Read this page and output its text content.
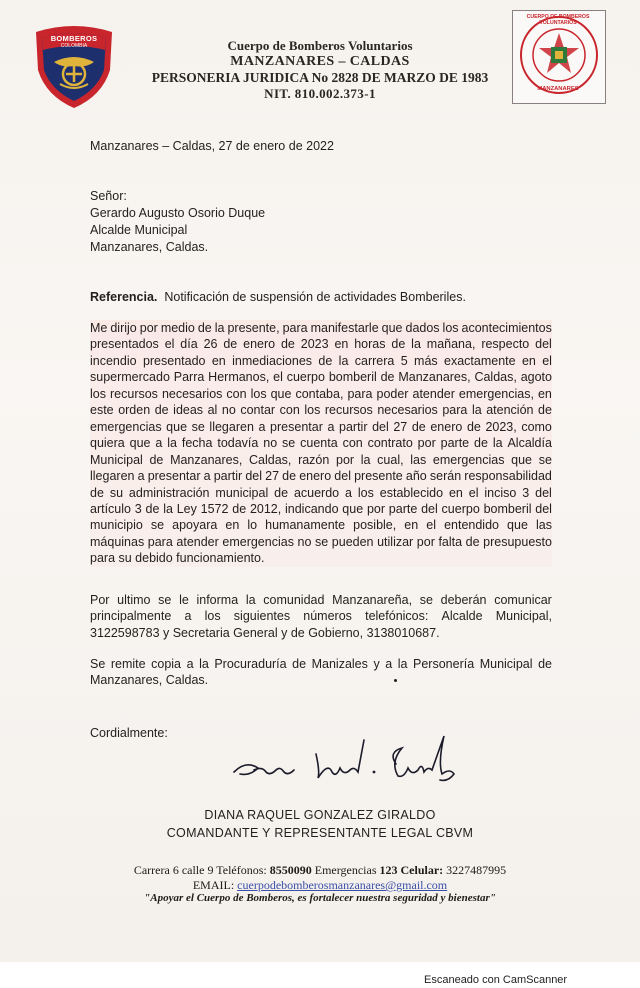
BOMBEROS
COLOMBIA
CUERPO DE BOMBEROS VOLUNTARIOS
MANZANARES
Cuerpo de Bomberos Voluntarios
MANZANARES – CALDAS
PERSONERIA JURIDICA No 2828 DE MARZO DE 1983
NIT. 810.002.373-1
Manzanares – Caldas, 27 de enero de 2022
Señor:
Gerardo Augusto Osorio Duque
Alcalde Municipal
Manzanares, Caldas.
Referencia. Notificación de suspensión de actividades Bomberiles.
Me dirijo por medio de la presente, para manifestarle que dados los acontecimientos
presentados el día 26 de enero de 2023 en horas de la mañana, respecto del
incendio presentado en inmediaciones de la carrera 5 más exactamente en el
supermercado Parra Hermanos, el cuerpo bomberil de Manzanares, Caldas, agoto
los recursos necesarios con los que contaba, para poder atender emergencias, en
este orden de ideas al no contar con los recursos necesarios para la atención de
emergencias que se llegaren a presentar a partir del 27 de enero de 2023, como
quiera que a la fecha todavía no se cuenta con contrato por parte de la Alcaldía
Municipal de Manzanares, Caldas, razón por la cual, las emergencias que se
llegaren a presentar a partir del 27 de enero del presente año serán responsabilidad
de su administración municipal de acuerdo a los establecido en el inciso 3 del
artículo 3 de la Ley 1572 de 2012, indicando que por parte del cuerpo bomberil del
municipio se apoyara en lo humanamente posible, en el entendido que las
máquinas para atender emergencias no se pueden utilizar por falta de presupuesto
para su debido funcionamiento.
Por ultimo se le informa la comunidad Manzanareña, se deberán comunicar
principalmente a los siguientes números telefónicos: Alcalde Municipal,
3122598783 y Secretaria General y de Gobierno, 3138010687.
Se remite copia a la Procuraduría de Manizales y a la Personería Municipal de
Manzanares, Caldas.
Cordialmente:
DIANA RAQUEL GONZALEZ GIRALDO
COMANDANTE Y REPRESENTANTE LEGAL CBVM
Carrera 6 calle 9 Teléfonos: 8550090 Emergencias 123 Celular: 3227487995
EMAIL: cuerpodebomberosmanzanares@gmail.com
"Apoyar el Cuerpo de Bomberos, es fortalecer nuestra seguridad y bienestar"
Escaneado con CamScanner
